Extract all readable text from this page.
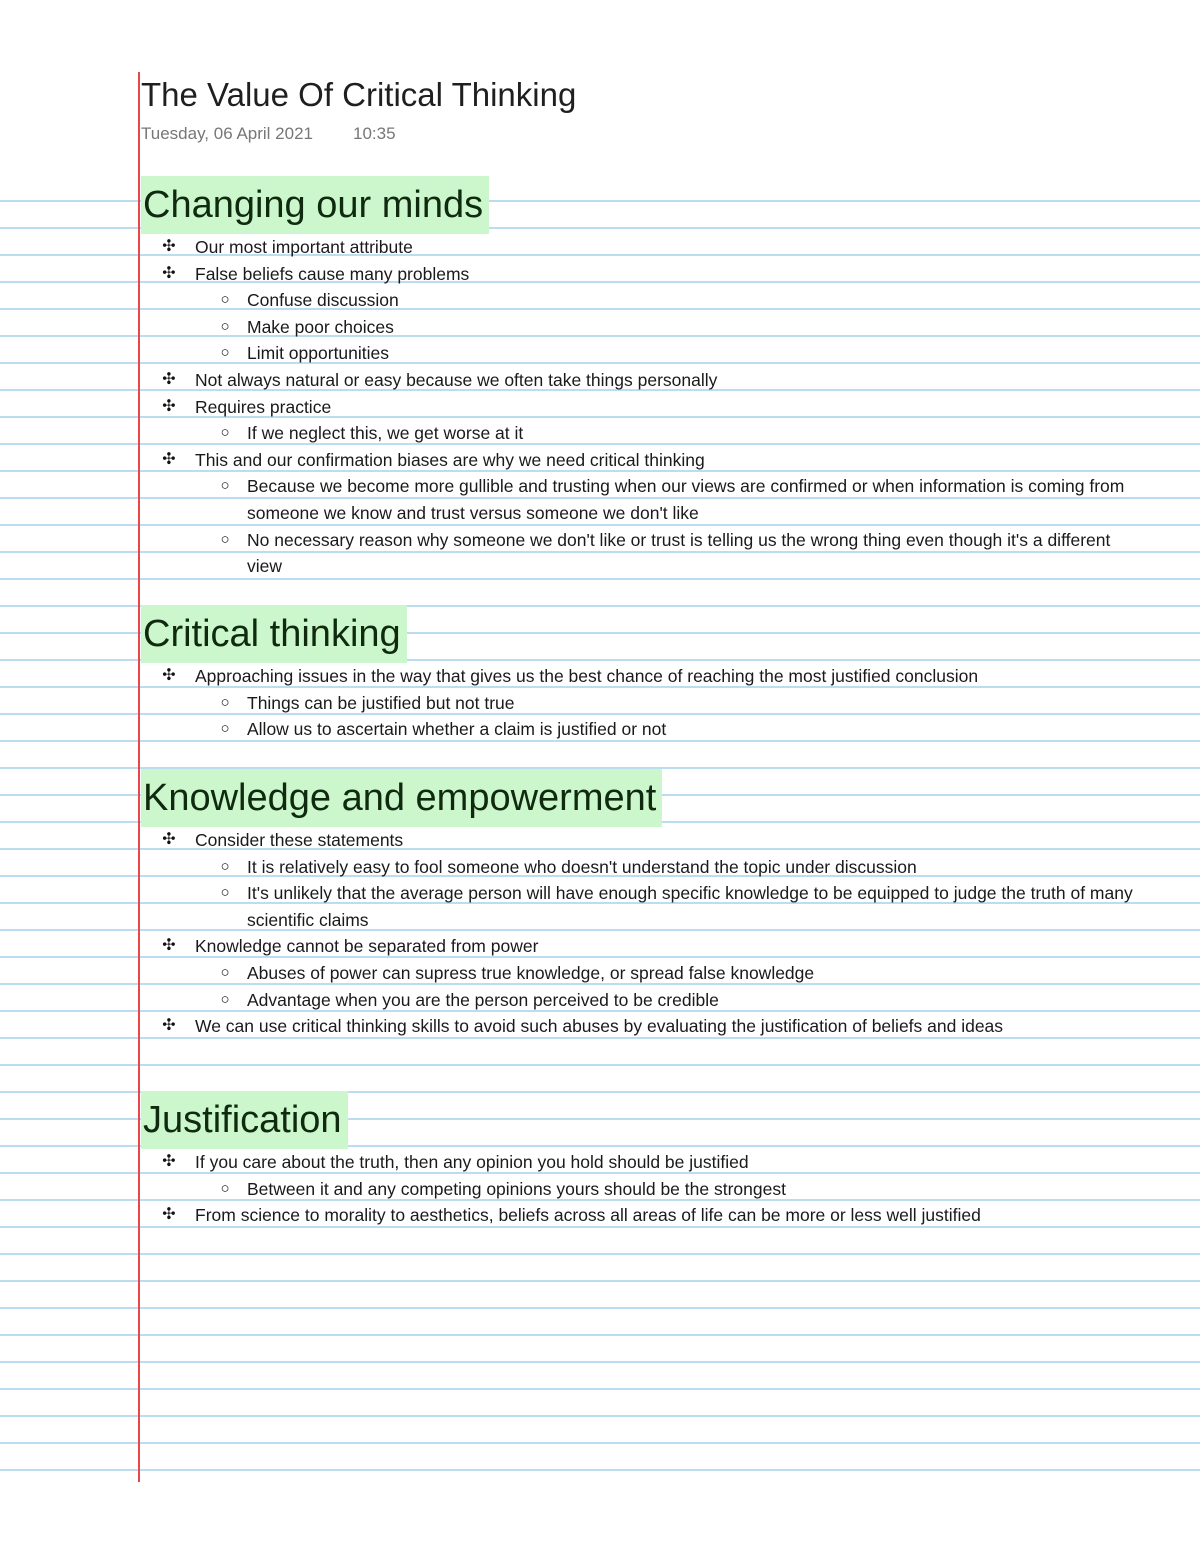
The Value Of Critical Thinking
Tuesday, 06 April 2021 10:35
Changing our minds
✣	Our most important attribute
✣	False beliefs cause many problems
○ Confuse discussion
○ Make poor choices
○ Limit opportunities
✣	Not always natural or easy because we often take things personally
✣	Requires practice
○ If we neglect this, we get worse at it
✣	This and our confirmation biases are why we need critical thinking
○ Because we become more gullible and trusting when our views are confirmed or when information is coming from someone we know and trust versus someone we don't like
○ No necessary reason why someone we don't like or trust is telling us the wrong thing even though it's a different view
Critical thinking
✣	Approaching issues in the way that gives us the best chance of reaching the most justified conclusion
○ Things can be justified but not true
○ Allow us to ascertain whether a claim is justified or not
Knowledge and empowerment
✣	Consider these statements
○ It is relatively easy to fool someone who doesn't understand the topic under discussion
○ It's unlikely that the average person will have enough specific knowledge to be equipped to judge the truth of many scientific claims
✣	Knowledge cannot be separated from power
○ Abuses of power can supress true knowledge, or spread false knowledge
○ Advantage when you are the person perceived to be credible
✣	We can use critical thinking skills to avoid such abuses by evaluating the justification of beliefs and ideas
Justification
✣	If you care about the truth, then any opinion you hold should be justified
○ Between it and any competing opinions yours should be the strongest
✣	From science to morality to aesthetics, beliefs across all areas of life can be more or less well justified
